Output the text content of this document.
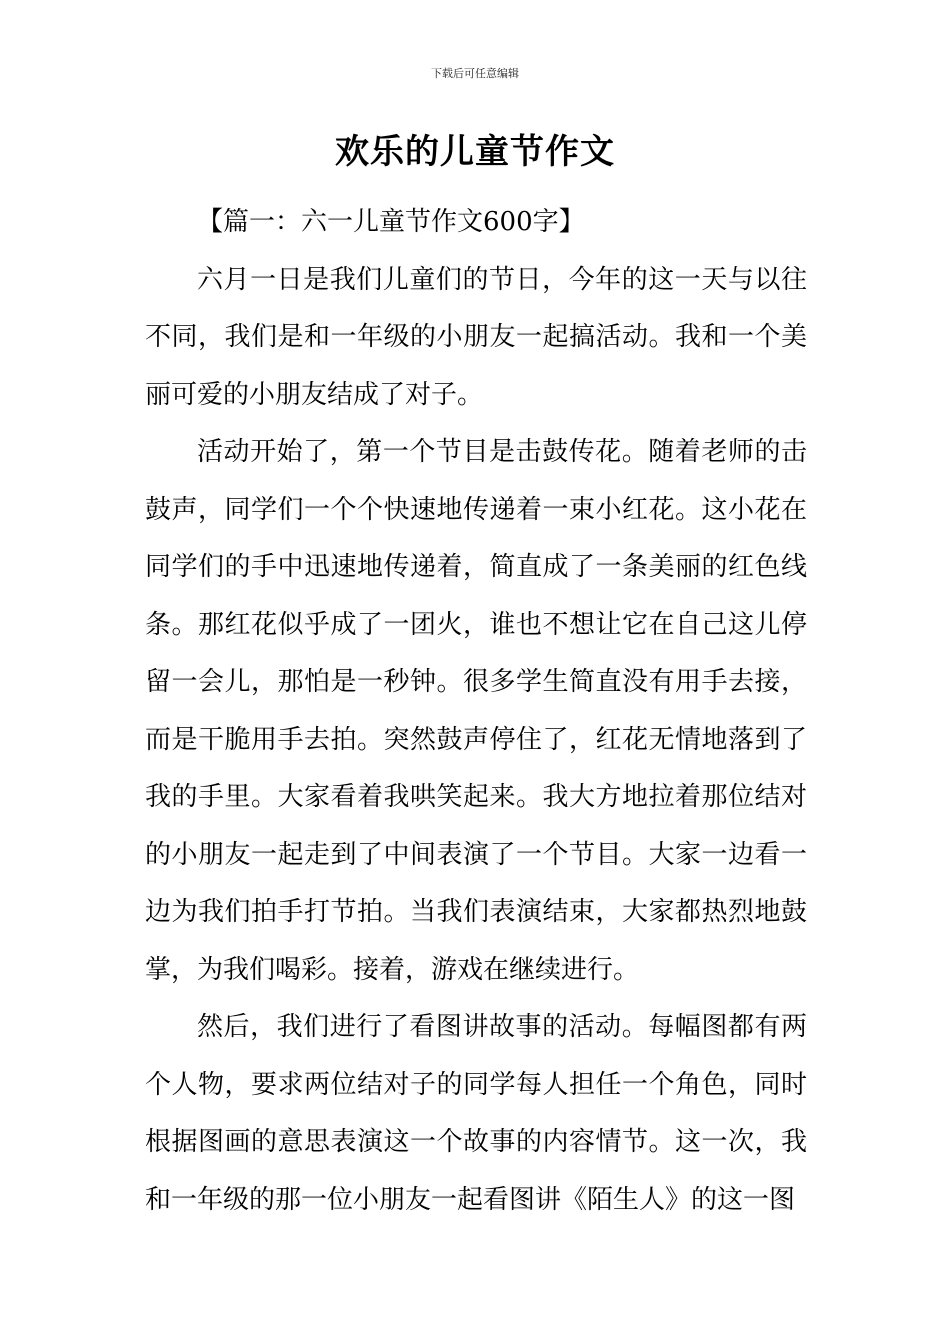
下载后可任意编辑
欢乐的儿童节作文

【篇一：六一儿童节作文600字】

六月一日是我们儿童们的节日，今年的这一天与以往不同，我们是和一年级的小朋友一起搞活动。我和一个美丽可爱的小朋友结成了对子。

活动开始了，第一个节目是击鼓传花。随着老师的击鼓声，同学们一个个快速地传递着一束小红花。这小花在同学们的手中迅速地传递着，简直成了一条美丽的红色线条。那红花似乎成了一团火，谁也不想让它在自己这儿停留一会儿，那怕是一秒钟。很多学生简直没有用手去接，而是干脆用手去拍。突然鼓声停住了，红花无情地落到了我的手里。大家看着我哄笑起来。我大方地拉着那位结对的小朋友一起走到了中间表演了一个节目。大家一边看一边为我们拍手打节拍。当我们表演结束，大家都热烈地鼓掌，为我们喝彩。接着，游戏在继续进行。

然后，我们进行了看图讲故事的活动。每幅图都有两个人物，要求两位结对子的同学每人担任一个角色，同时根据图画的意思表演这一个故事的内容情节。这一次，我和一年级的那一位小朋友一起看图讲《陌生人》的这一图
